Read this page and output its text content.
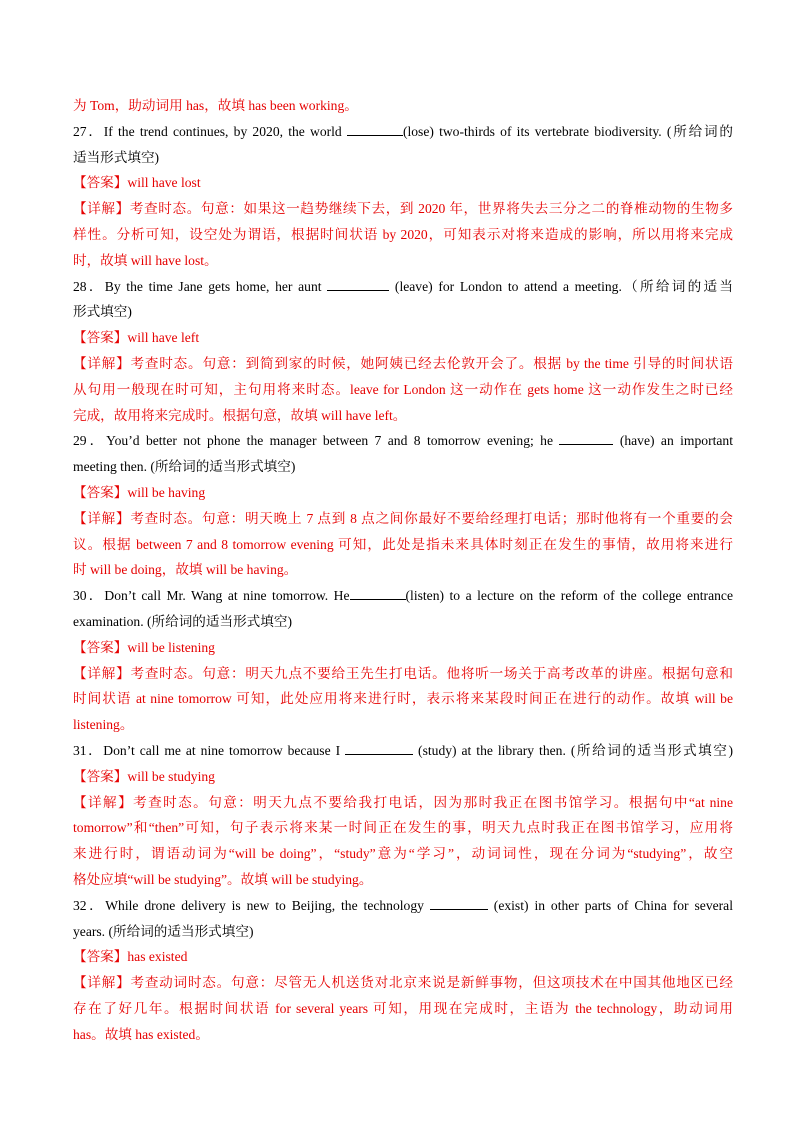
为 Tom，助动词用 has，故填 has been working。
27．If the trend continues, by 2020, the world	(lose) two-thirds of its vertebrate biodiversity. (所给词的
适当形式填空)
【答案】will have lost
【详解】考查时态。句意：如果这一趋势继续下去，到 2020 年，世界将失去三分之二的脊椎动物的生物多
样性。分析可知，设空处为谓语，根据时间状语 by 2020，可知表示对将来造成的影响，所以用将来完成
时，故填 will have lost。
28．By the time Jane gets home, her aunt	(leave) for London to attend a meeting.（所给词的适当
形式填空)
【答案】will have left
【详解】考查时态。句意：到简到家的时候，她阿姨已经去伦敦开会了。根据 by the time 引导的时间状语
从句用一般现在时可知，主句用将来时态。leave for London 这一动作在 gets home 这一动作发生之时已经
完成，故用将来完成时。根据句意，故填 will have left。
29．You’d better not phone the manager between 7 and 8 tomorrow evening; he	(have) an important
meeting then. (所给词的适当形式填空)
【答案】will be having
【详解】考查时态。句意：明天晚上 7 点到 8 点之间你最好不要给经理打电话；那时他将有一个重要的会
议。根据 between 7 and 8 tomorrow evening 可知，此处是指未来具体时刻正在发生的事情，故用将来进行
时 will be doing，故填 will be having。
30．Don’t call Mr. Wang at nine tomorrow. He	(listen) to a lecture on the reform of the college entrance
examination. (所给词的适当形式填空)
【答案】will be listening
【详解】考查时态。句意：明天九点不要给王先生打电话。他将听一场关于高考改革的讲座。根据句意和
时间状语 at nine tomorrow 可知，此处应用将来进行时，表示将来某段时间正在进行的动作。故填 will be
listening。
31．Don’t call me at nine tomorrow because I	(study) at the library then. (所给词的适当形式填空)
【答案】will be studying
【详解】考查时态。句意：明天九点不要给我打电话，因为那时我正在图书馆学习。根据句中“at nine
tomorrow”和“then”可知，句子表示将来某一时间正在发生的事，明天九点时我正在图书馆学习，应用将
来进行时，谓语动词为“will be doing”，“study”意为“学习”，动词词性，现在分词为“studying”，故空
格处应填“will be studying”。故填 will be studying。
32．While drone delivery is new to Beijing, the technology	(exist) in other parts of China for several
years. (所给词的适当形式填空)
【答案】has existed
【详解】考查动词时态。句意：尽管无人机送货对北京来说是新鲜事物，但这项技术在中国其他地区已经
存在了好几年。根据时间状语 for several years 可知，用现在完成时，主语为 the technology，助动词用
has。故填 has existed。
